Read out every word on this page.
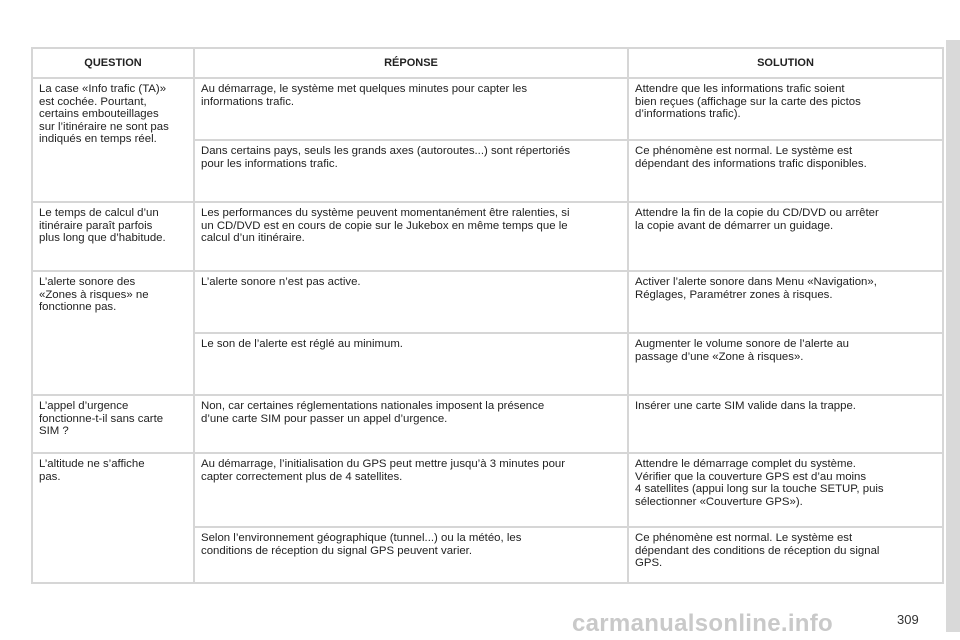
QUESTION	RÉPONSE	SOLUTION
La case «Info trafic (TA)»
est cochée. Pourtant,
certains embouteillages
sur l’itinéraire ne sont pas
indiqués en temps réel.	Au démarrage, le système met quelques minutes pour capter les
informations trafic.	Attendre que les informations trafic soient
bien reçues (affichage sur la carte des pictos
d’informations trafic).
	Dans certains pays, seuls les grands axes (autoroutes...) sont répertoriés
pour les informations trafic.	Ce phénomène est normal. Le système est
dépendant des informations trafic disponibles.
Le temps de calcul d’un
itinéraire paraît parfois
plus long que d’habitude.	Les performances du système peuvent momentanément être ralenties, si
un CD/DVD est en cours de copie sur le Jukebox en même temps que le
calcul d’un itinéraire.	Attendre la fin de la copie du CD/DVD ou arrêter
la copie avant de démarrer un guidage.
L’alerte sonore des
«Zones à risques» ne
fonctionne pas.	L’alerte sonore n’est pas active.	Activer l’alerte sonore dans Menu «Navigation»,
Réglages, Paramétrer zones à risques.
	Le son de l’alerte est réglé au minimum.	Augmenter le volume sonore de l’alerte au
passage d’une «Zone à risques».
L’appel d’urgence
fonctionne-t-il sans carte
SIM ?	Non, car certaines réglementations nationales imposent la présence
d’une carte SIM pour passer un appel d’urgence.	Insérer une carte SIM valide dans la trappe.
L’altitude ne s’affiche
pas.	Au démarrage, l’initialisation du GPS peut mettre jusqu’à 3 minutes pour
capter correctement plus de 4 satellites.	Attendre le démarrage complet du système.
Vérifier que la couverture GPS est d’au moins
4 satellites (appui long sur la touche SETUP, puis
sélectionner «Couverture GPS»).
	Selon l’environnement géographique (tunnel...) ou la météo, les
conditions de réception du signal GPS peuvent varier.	Ce phénomène est normal. Le système est
dépendant des conditions de réception du signal
GPS.
carmanualsonline.info	309
